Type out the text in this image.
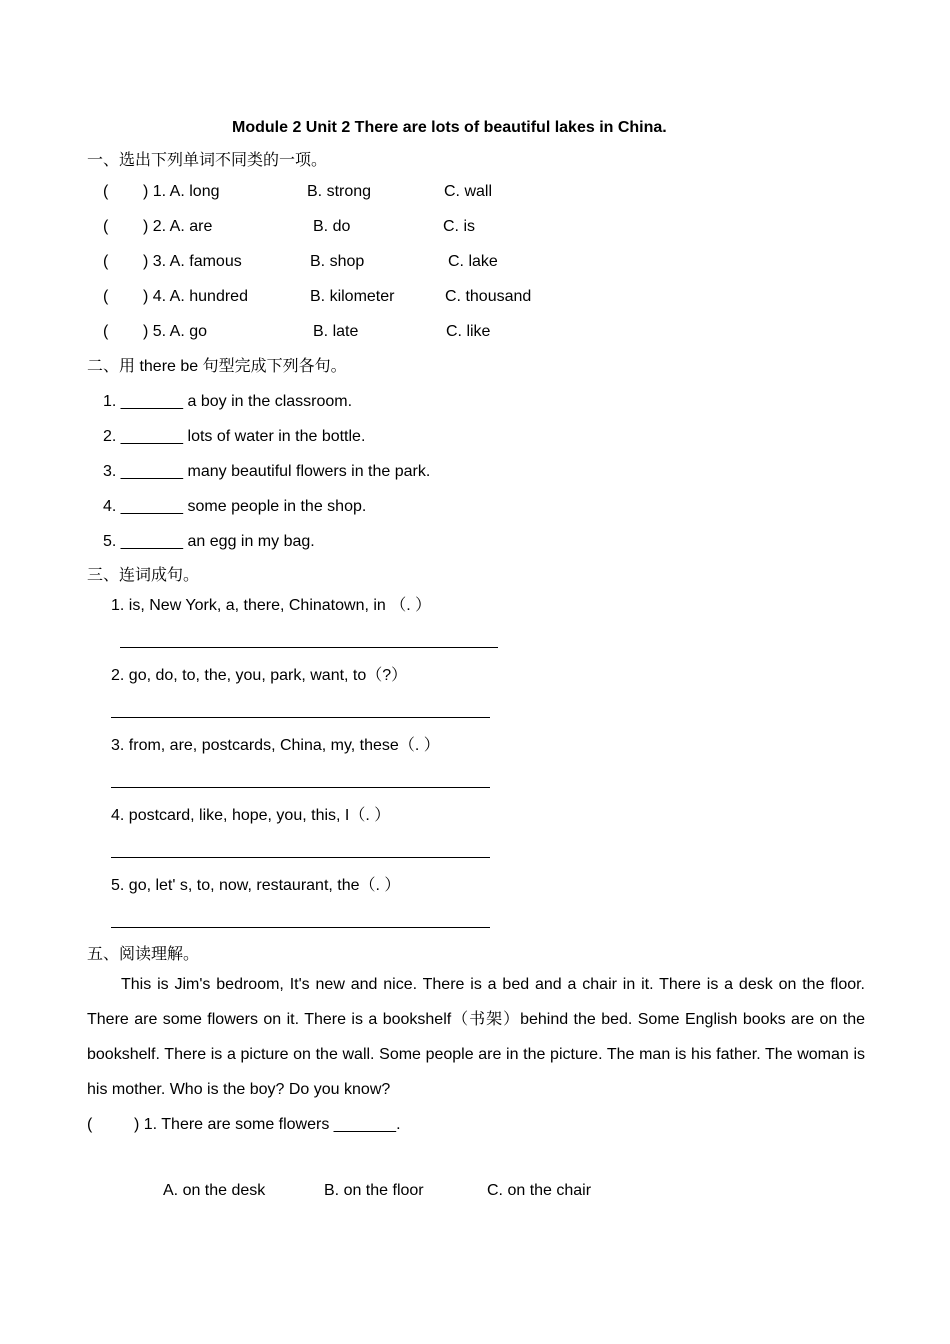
Module 2 Unit 2 There are lots of beautiful lakes in China.
一、选出下列单词不同类的一项。
( ) 1. A. long	B. strong	C. wall
( ) 2. A. are	B. do	C. is
( ) 3. A. famous	B. shop	C. lake
( ) 4. A. hundred	B. kilometer	C. thousand
( ) 5. A. go	B. late	C. like
二、用 there be 句型完成下列各句。
1. _______ a boy in the classroom.
2. _______ lots of water in the bottle.
3. _______ many beautiful flowers in the park.
4. _______ some people in the shop.
5. _______ an egg in my bag.
三、连词成句。
1. is, New York, a, there, Chinatown, in （. ）
2. go, do, to, the, you, park, want, to（?）
3. from, are, postcards, China, my, these（. ）
4. postcard, like, hope, you, this, I（. ）
5. go, let' s, to, now, restaurant, the（. ）
五、阅读理解。
This is Jim's bedroom, It's new and nice. There is a bed and a chair in it. There is a desk on the floor. There are some flowers on it. There is a bookshelf（书架）behind the bed. Some English books are on the bookshelf. There is a picture on the wall. Some people are in the picture. The man is his father. The woman is his mother. Who is the boy? Do you know?
(	) 1. There are some flowers _______.
A. on the desk	B. on the floor	C. on the chair
